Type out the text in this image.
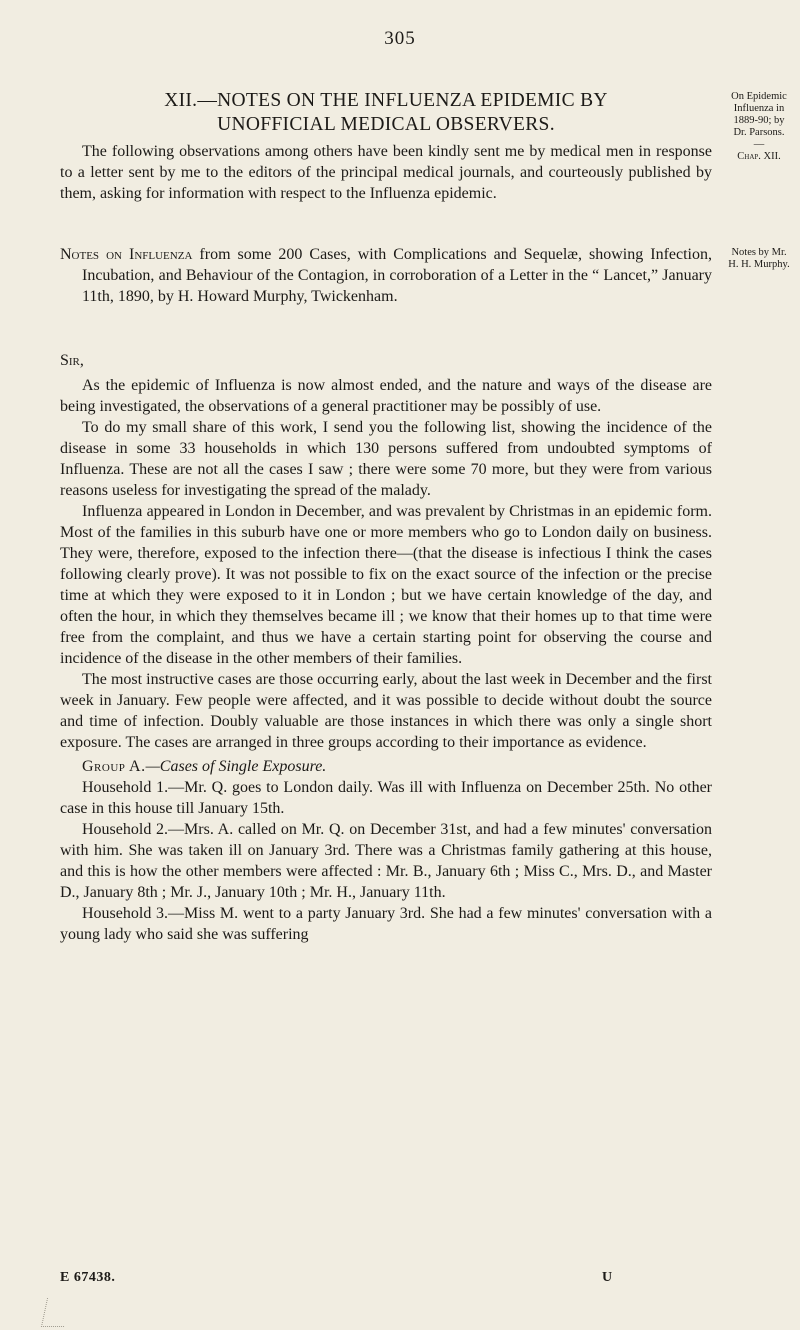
305
XII.—NOTES ON THE INFLUENZA EPIDEMIC BY
UNOFFICIAL MEDICAL OBSERVERS.
On Epidemic
Influenza in
1889-90; by
Dr. Parsons.
—
Chap. XII.

The following observations among others have been kindly sent me by medical men in response to a letter sent by me to the editors of the principal medical journals, and courteously published by them, asking for information with respect to the Influenza epidemic.

Notes by Mr.
H. H. Murphy.

Notes on Influenza from some 200 Cases, with Complications and Sequelæ, showing Infection, Incubation, and Behaviour of the Contagion, in corroboration of a Letter in the “ Lancet,” January 11th, 1890, by H. Howard Murphy, Twickenham.

Sir,

As the epidemic of Influenza is now almost ended, and the nature and ways of the disease are being investigated, the observations of a general practitioner may be possibly of use.

To do my small share of this work, I send you the following list, showing the incidence of the disease in some 33 households in which 130 persons suffered from undoubted symptoms of Influenza. These are not all the cases I saw ; there were some 70 more, but they were from various reasons useless for investigating the spread of the malady.

Influenza appeared in London in December, and was prevalent by Christmas in an epidemic form. Most of the families in this suburb have one or more members who go to London daily on business. They were, therefore, exposed to the infection there—(that the disease is infectious I think the cases following clearly prove). It was not possible to fix on the exact source of the infection or the precise time at which they were exposed to it in London ; but we have certain knowledge of the day, and often the hour, in which they themselves became ill ; we know that their homes up to that time were free from the complaint, and thus we have a certain starting point for observing the course and incidence of the disease in the other members of their families.

The most instructive cases are those occurring early, about the last week in December and the first week in January. Few people were affected, and it was possible to decide without doubt the source and time of infection. Doubly valuable are those instances in which there was only a single short exposure. The cases are arranged in three groups according to their importance as evidence.

Group A.—Cases of Single Exposure.

Household 1.—Mr. Q. goes to London daily. Was ill with Influenza on December 25th. No other case in this house till January 15th.

Household 2.—Mrs. A. called on Mr. Q. on December 31st, and had a few minutes' conversation with him. She was taken ill on January 3rd. There was a Christmas family gathering at this house, and this is how the other members were affected : Mr. B., January 6th ; Miss C., Mrs. D., and Master D., January 8th ; Mr. J., January 10th ; Mr. H., January 11th.

Household 3.—Miss M. went to a party January 3rd. She had a few minutes' conversation with a young lady who said she was suffering

E 67438.	U
